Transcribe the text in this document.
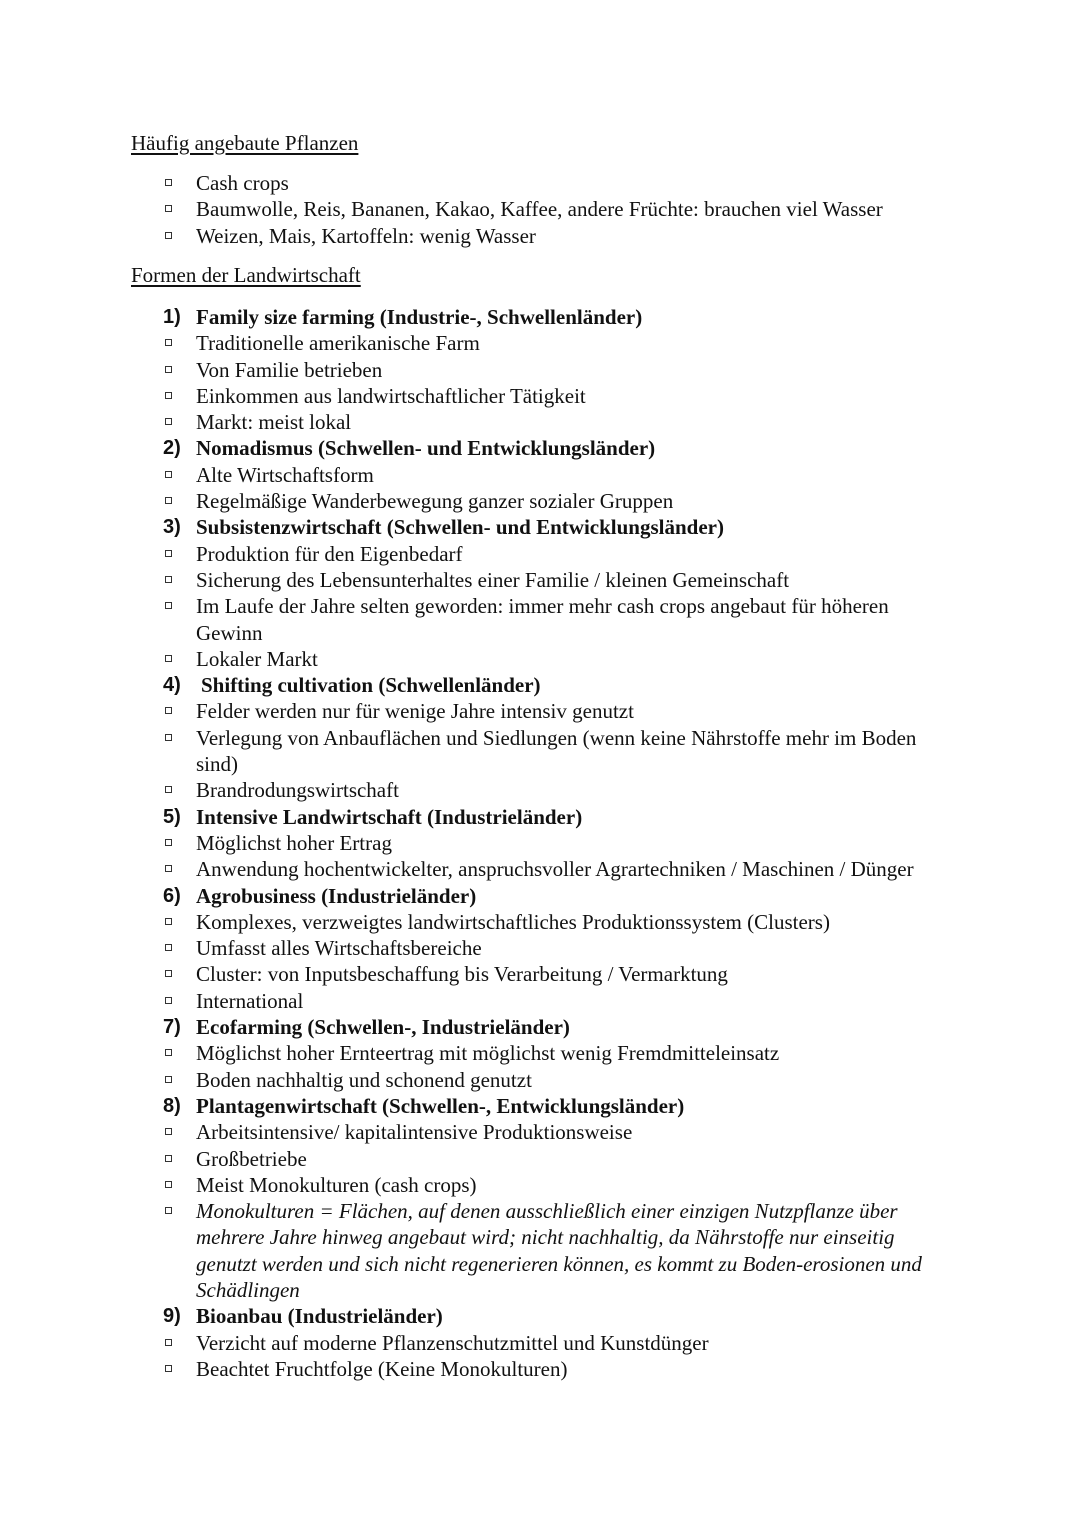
Häufig angebaute Pflanzen
Cash crops
Baumwolle, Reis, Bananen, Kakao, Kaffee, andere Früchte: brauchen viel Wasser
Weizen, Mais, Kartoffeln: wenig Wasser
Formen der Landwirtschaft
1) Family size farming (Industrie-, Schwellenländer)
Traditionelle amerikanische Farm
Von Familie betrieben
Einkommen aus landwirtschaftlicher Tätigkeit
Markt: meist lokal
2) Nomadismus (Schwellen- und Entwicklungsländer)
Alte Wirtschaftsform
Regelmäßige Wanderbewegung ganzer sozialer Gruppen
3) Subsistenzwirtschaft (Schwellen- und Entwicklungsländer)
Produktion für den Eigenbedarf
Sicherung des Lebensunterhaltes einer Familie / kleinen Gemeinschaft
Im Laufe der Jahre selten geworden: immer mehr cash crops angebaut für höheren Gewinn
Lokaler Markt
4) Shifting cultivation (Schwellenländer)
Felder werden nur für wenige Jahre intensiv genutzt
Verlegung von Anbauflächen und Siedlungen (wenn keine Nährstoffe mehr im Boden sind)
Brandrodungswirtschaft
5) Intensive Landwirtschaft (Industrieländer)
Möglichst hoher Ertrag
Anwendung hochentwickelter, anspruchsvoller Agrartechniken / Maschinen / Dünger
6) Agrobusiness (Industrieländer)
Komplexes, verzweigtes landwirtschaftliches Produktionssystem (Clusters)
Umfasst alles Wirtschaftsbereiche
Cluster: von Inputsbeschaffung bis Verarbeitung / Vermarktung
International
7) Ecofarming (Schwellen-, Industrieländer)
Möglichst hoher Ernteertrag mit möglichst wenig Fremdmitteleinsatz
Boden nachhaltig und schonend genutzt
8) Plantagenwirtschaft (Schwellen-, Entwicklungsländer)
Arbeitsintensive/ kapitalintensive Produktionsweise
Großbetriebe
Meist Monokulturen (cash crops)
Monokulturen = Flächen, auf denen ausschließlich einer einzigen Nutzpflanze über mehrere Jahre hinweg angebaut wird; nicht nachhaltig, da Nährstoffe nur einseitig genutzt werden und sich nicht regenerieren können, es kommt zu Boden-erosionen und Schädlingen
9) Bioanbau (Industrieländer)
Verzicht auf moderne Pflanzenschutzmittel und Kunstdünger
Beachtet Fruchtfolge (Keine Monokulturen)
